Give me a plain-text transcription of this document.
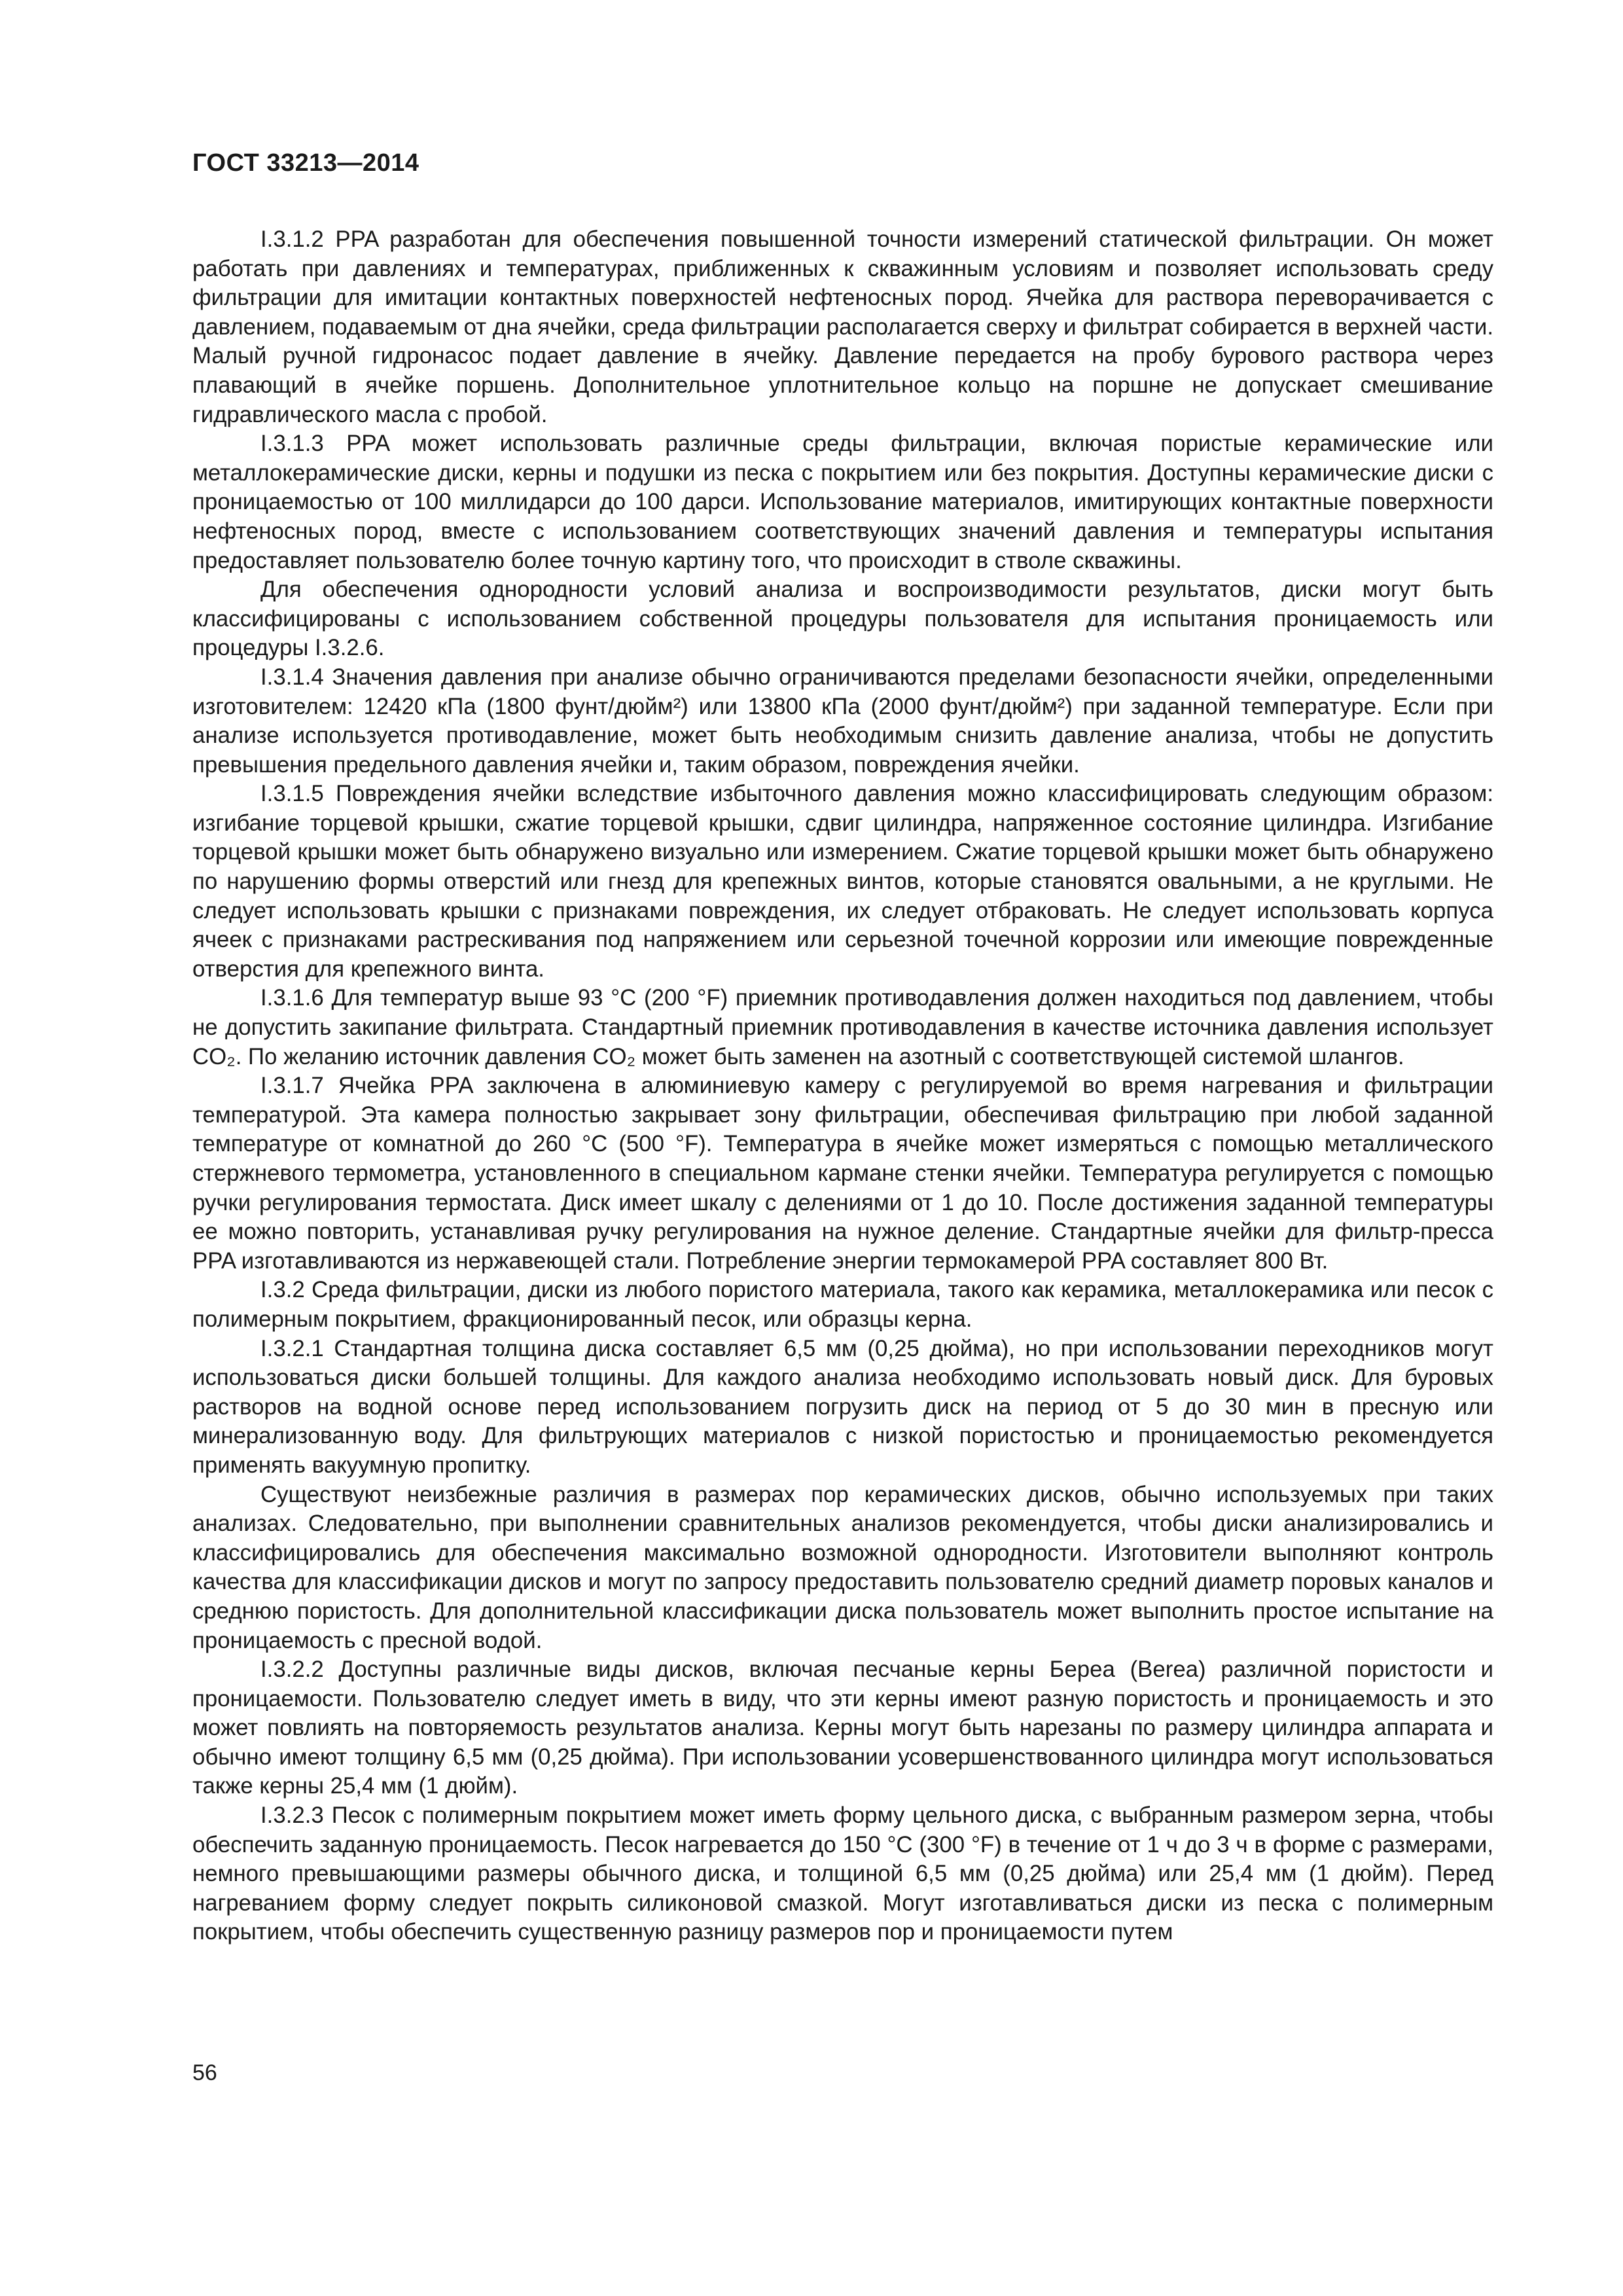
ГОСТ 33213—2014

I.3.1.2 PPA разработан для обеспечения повышенной точности измерений статической фильтрации. Он может работать при давлениях и температурах, приближенных к скважинным условиям и позволяет использовать среду фильтрации для имитации контактных поверхностей нефтеносных пород. Ячейка для раствора переворачивается с давлением, подаваемым от дна ячейки, среда фильтрации располагается сверху и фильтрат собирается в верхней части. Малый ручной гидронасос подает давление в ячейку. Давление передается на пробу бурового раствора через плавающий в ячейке поршень. Дополнительное уплотнительное кольцо на поршне не допускает смешивание гидравлического масла с пробой.

I.3.1.3 PPA может использовать различные среды фильтрации, включая пористые керамические или металлокерамические диски, керны и подушки из песка с покрытием или без покрытия. Доступны керамические диски с проницаемостью от 100 миллидарси до 100 дарси. Использование материалов, имитирующих контактные поверхности нефтеносных пород, вместе с использованием соответствующих значений давления и температуры испытания предоставляет пользователю более точную картину того, что происходит в стволе скважины.

Для обеспечения однородности условий анализа и воспроизводимости результатов, диски могут быть классифицированы с использованием собственной процедуры пользователя для испытания проницаемость или процедуры I.3.2.6.

I.3.1.4 Значения давления при анализе обычно ограничиваются пределами безопасности ячейки, определенными изготовителем: 12420 кПа (1800 фунт/дюйм²) или 13800 кПа (2000 фунт/дюйм²) при заданной температуре. Если при анализе используется противодавление, может быть необходимым снизить давление анализа, чтобы не допустить превышения предельного давления ячейки и, таким образом, повреждения ячейки.

I.3.1.5 Повреждения ячейки вследствие избыточного давления можно классифицировать следующим образом: изгибание торцевой крышки, сжатие торцевой крышки, сдвиг цилиндра, напряженное состояние цилиндра. Изгибание торцевой крышки может быть обнаружено визуально или измерением. Сжатие торцевой крышки может быть обнаружено по нарушению формы отверстий или гнезд для крепежных винтов, которые становятся овальными, а не круглыми. Не следует использовать крышки с признаками повреждения, их следует отбраковать. Не следует использовать корпуса ячеек с признаками растрескивания под напряжением или серьезной точечной коррозии или имеющие поврежденные отверстия для крепежного винта.

I.3.1.6 Для температур выше 93 °C (200 °F) приемник противодавления должен находиться под давлением, чтобы не допустить закипание фильтрата. Стандартный приемник противодавления в качестве источника давления использует CO₂. По желанию источник давления CO₂ может быть заменен на азотный с соответствующей системой шлангов.

I.3.1.7 Ячейка PPA заключена в алюминиевую камеру с регулируемой во время нагревания и фильтрации температурой. Эта камера полностью закрывает зону фильтрации, обеспечивая фильтрацию при любой заданной температуре от комнатной до 260 °C (500 °F). Температура в ячейке может измеряться с помощью металлического стержневого термометра, установленного в специальном кармане стенки ячейки. Температура регулируется с помощью ручки регулирования термостата. Диск имеет шкалу с делениями от 1 до 10. После достижения заданной температуры ее можно повторить, устанавливая ручку регулирования на нужное деление. Стандартные ячейки для фильтр-пресса PPA изготавливаются из нержавеющей стали. Потребление энергии термокамерой PPA составляет 800 Вт.

I.3.2 Среда фильтрации, диски из любого пористого материала, такого как керамика, металлокерамика или песок с полимерным покрытием, фракционированный песок, или образцы керна.

I.3.2.1 Стандартная толщина диска составляет 6,5 мм (0,25 дюйма), но при использовании переходников могут использоваться диски большей толщины. Для каждого анализа необходимо использовать новый диск. Для буровых растворов на водной основе перед использованием погрузить диск на период от 5 до 30 мин в пресную или минерализованную воду. Для фильтрующих материалов с низкой пористостью и проницаемостью рекомендуется применять вакуумную пропитку.

Существуют неизбежные различия в размерах пор керамических дисков, обычно используемых при таких анализах. Следовательно, при выполнении сравнительных анализов рекомендуется, чтобы диски анализировались и классифицировались для обеспечения максимально возможной однородности. Изготовители выполняют контроль качества для классификации дисков и могут по запросу предоставить пользователю средний диаметр поровых каналов и среднюю пористость. Для дополнительной классификации диска пользователь может выполнить простое испытание на проницаемость с пресной водой.

I.3.2.2 Доступны различные виды дисков, включая песчаные керны Береа (Berea) различной пористости и проницаемости. Пользователю следует иметь в виду, что эти керны имеют разную пористость и проницаемость и это может повлиять на повторяемость результатов анализа. Керны могут быть нарезаны по размеру цилиндра аппарата и обычно имеют толщину 6,5 мм (0,25 дюйма). При использовании усовершенствованного цилиндра могут использоваться также керны 25,4 мм (1 дюйм).

I.3.2.3 Песок с полимерным покрытием может иметь форму цельного диска, с выбранным размером зерна, чтобы обеспечить заданную проницаемость. Песок нагревается до 150 °C (300 °F) в течение от 1 ч до 3 ч в форме с размерами, немного превышающими размеры обычного диска, и толщиной 6,5 мм (0,25 дюйма) или 25,4 мм (1 дюйм). Перед нагреванием форму следует покрыть силиконовой смазкой. Могут изготавливаться диски из песка с полимерным покрытием, чтобы обеспечить существенную разницу размеров пор и проницаемости путем

56
